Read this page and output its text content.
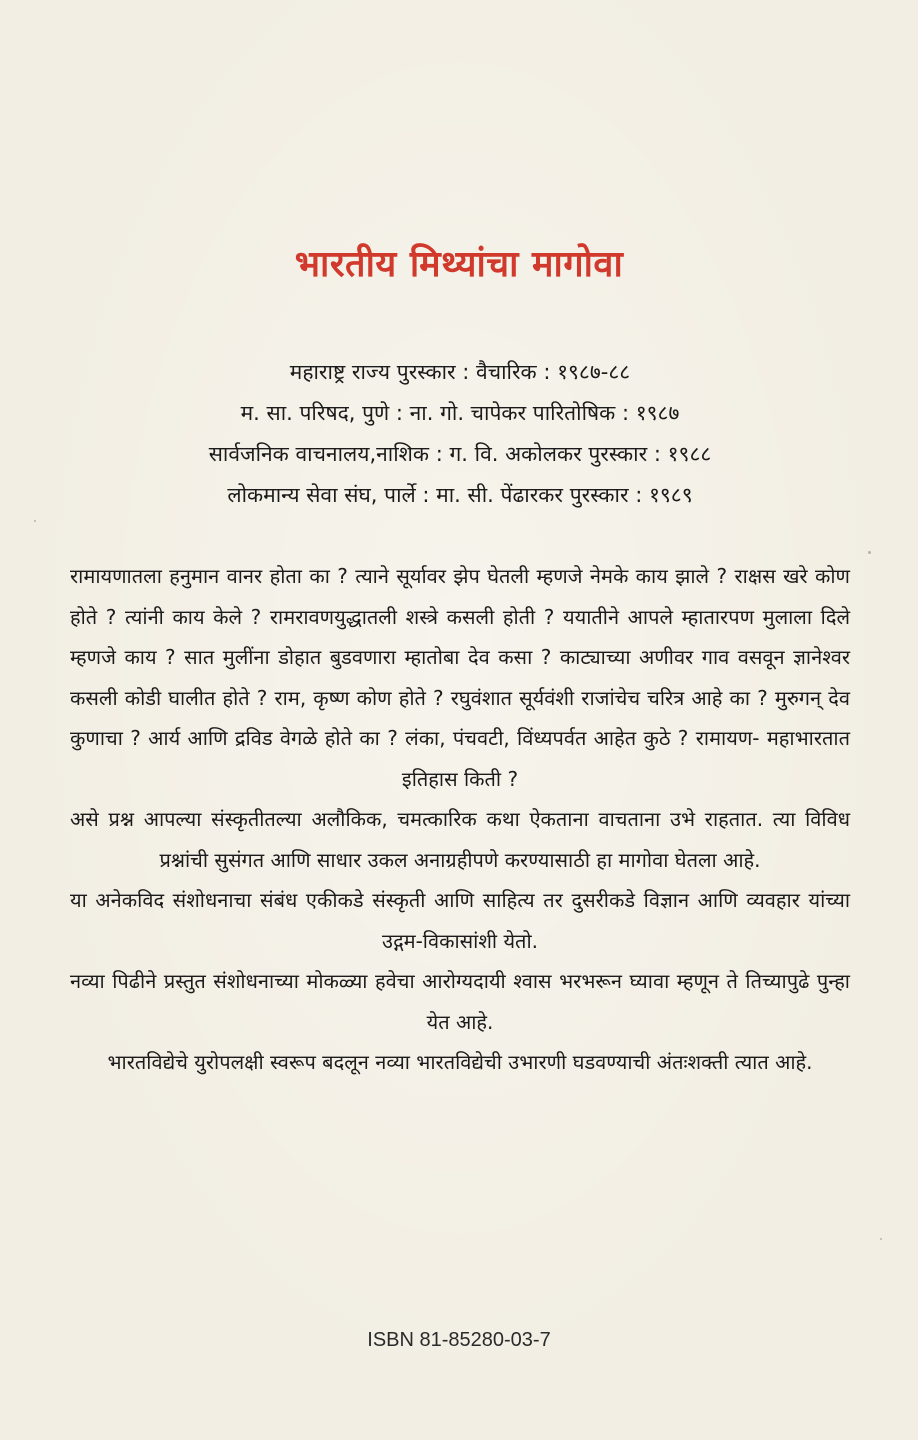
भारतीय मिथ्यांचा मागोवा
महाराष्ट्र राज्य पुरस्कार : वैचारिक : १९८७-८८
म. सा. परिषद, पुणे : ना. गो. चापेकर पारितोषिक : १९८७
सार्वजनिक वाचनालय,नाशिक : ग. वि. अकोलकर पुरस्कार : १९८८
लोकमान्य सेवा संघ, पार्ले : मा. सी. पेंढारकर पुरस्कार : १९८९

रामायणातला हनुमान वानर होता का ? त्याने सूर्यावर झेप घेतली म्हणजे नेमके काय झाले ? राक्षस खरे कोण होते ? त्यांनी काय केले ? रामरावणयुद्धातली शस्त्रे कसली होती ? ययातीने आपले म्हातारपण मुलाला दिले म्हणजे काय ? सात मुलींना डोहात बुडवणारा म्हातोबा देव कसा ? काट्याच्या अणीवर गाव वसवून ज्ञानेश्वर कसली कोडी घालीत होते ? राम, कृष्ण कोण होते ? रघुवंशात सूर्यवंशी राजांचेच चरित्र आहे का ? मुरुगन् देव कुणाचा ? आर्य आणि द्रविड वेगळे होते का ? लंका, पंचवटी, विंध्यपर्वत आहेत कुठे ? रामायण- महाभारतात इतिहास किती ?

असे प्रश्न आपल्या संस्कृतीतल्या अलौकिक, चमत्कारिक कथा ऐकताना वाचताना उभे राहतात. त्या विविध प्रश्नांची सुसंगत आणि साधार उकल अनाग्रहीपणे करण्यासाठी हा मागोवा घेतला आहे.

या अनेकविद संशोधनाचा संबंध एकीकडे संस्कृती आणि साहित्य तर दुसरीकडे विज्ञान आणि व्यवहार यांच्या उद्गम-विकासांशी येतो.

नव्या पिढीने प्रस्तुत संशोधनाच्या मोकळ्या हवेचा आरोग्यदायी श्वास भरभरून घ्यावा म्हणून ते तिच्यापुढे पुन्हा येत आहे.

भारतविद्येचे युरोपलक्षी स्वरूप बदलून नव्या भारतविद्येची उभारणी घडवण्याची अंतःशक्ती त्यात आहे.

ISBN 81-85280-03-7
